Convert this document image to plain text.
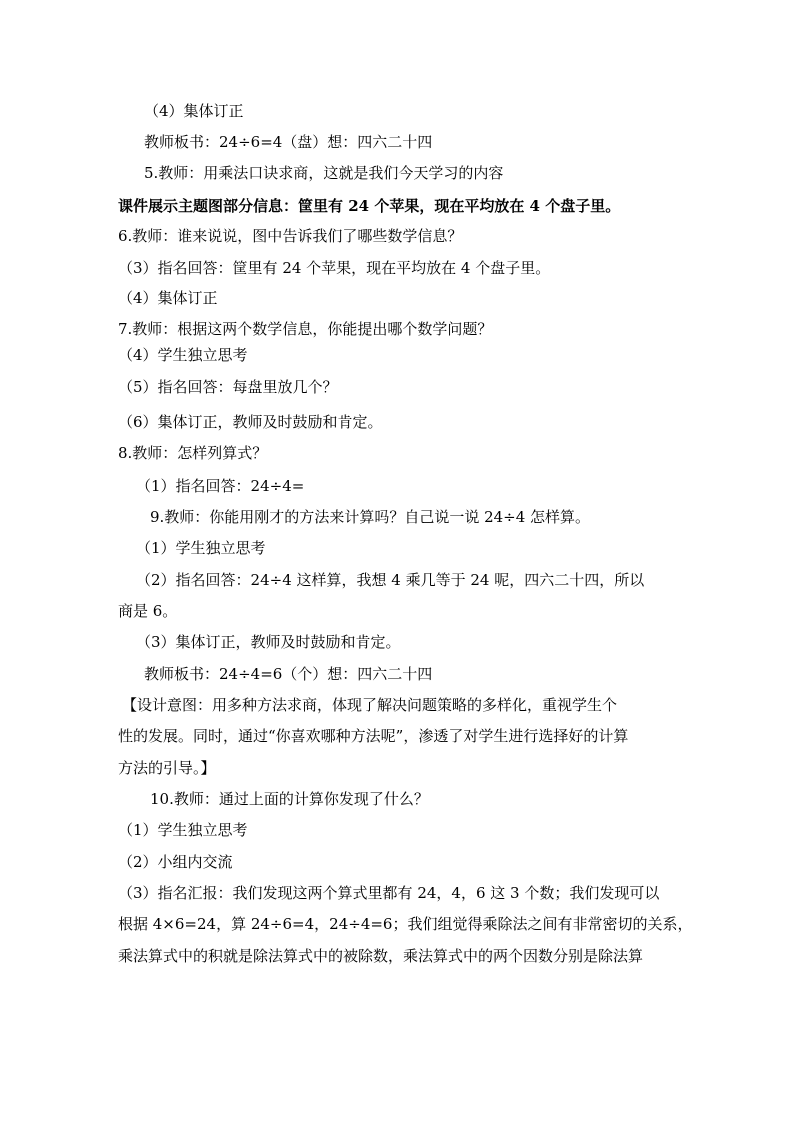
（4）集体订正

教师板书：24÷6=4（盘）想：四六二十四

5.教师：用乘法口诀求商，这就是我们今天学习的内容

课件展示主题图部分信息：筐里有 24 个苹果，现在平均放在 4 个盘子里。

6.教师：谁来说说，图中告诉我们了哪些数学信息？

（3）指名回答：筐里有 24 个苹果，现在平均放在 4 个盘子里。

（4）集体订正

7.教师：根据这两个数学信息，你能提出哪个数学问题？

（4）学生独立思考

（5）指名回答：每盘里放几个？

（6）集体订正，教师及时鼓励和肯定。

8.教师：怎样列算式？

（1）指名回答：24÷4=

9.教师：你能用刚才的方法来计算吗？自己说一说 24÷4 怎样算。

（1）学生独立思考

（2）指名回答：24÷4 这样算，我想 4 乘几等于 24 呢，四六二十四，所以

商是 6。

（3）集体订正，教师及时鼓励和肯定。

教师板书：24÷4=6（个）想：四六二十四

【设计意图：用多种方法求商，体现了解决问题策略的多样化，重视学生个

性的发展。同时，通过“你喜欢哪种方法呢”，渗透了对学生进行选择好的计算

方法的引导。】

10.教师：通过上面的计算你发现了什么？

（1）学生独立思考

（2）小组内交流

（3）指名汇报：我们发现这两个算式里都有 24，4，6 这 3 个数；我们发现可以

根据 4×6=24，算 24÷6=4，24÷4=6；我们组觉得乘除法之间有非常密切的关系，

乘法算式中的积就是除法算式中的被除数，乘法算式中的两个因数分别是除法算
